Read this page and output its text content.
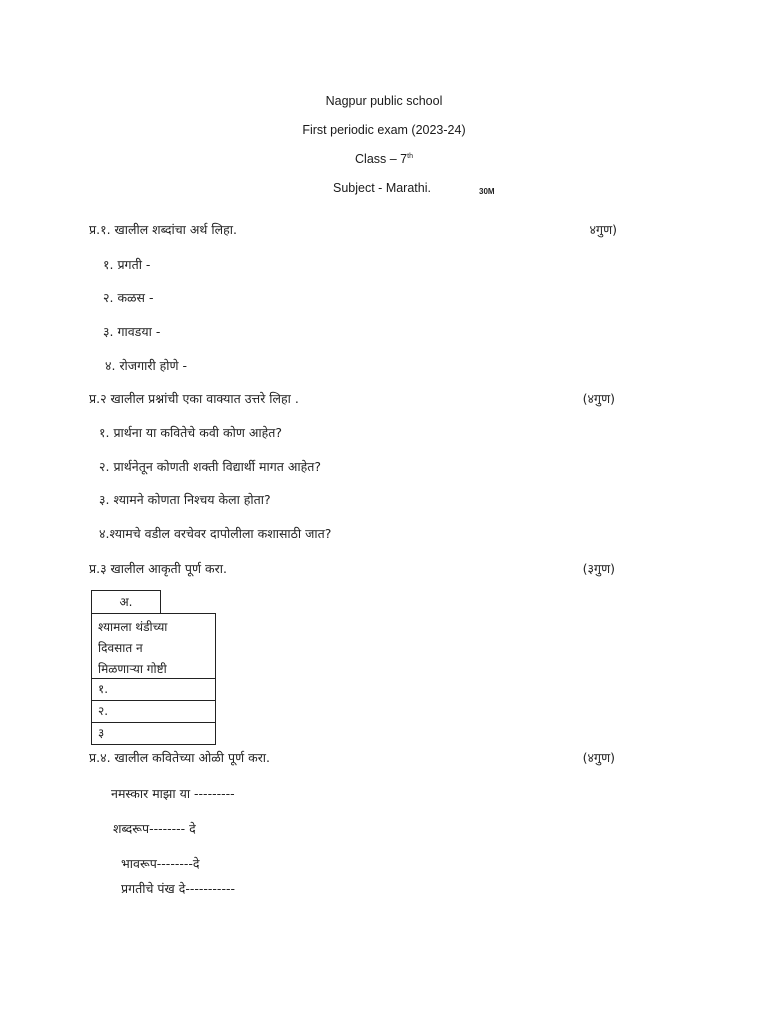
Nagpur public school
First periodic exam (2023-24)
Class – 7th
Subject - Marathi.	30M
प्र.१. खालील शब्दांचा अर्थ लिहा.	४गुण)
१. प्रगती -
२. कळस -
३. गावडया -
४. रोजगारी होणे -
प्र.२ खालील प्रश्नांची एका वाक्यात उत्तरे लिहा .	(४गुण)
१. प्रार्थना या कवितेचे कवी कोण आहेत?
२. प्रार्थनेतून कोणती शक्ती विद्यार्थी मागत आहेत?
३. श्यामने कोणता निश्चय केला होता?
४.श्यामचे वडील वरचेवर दापोलीला कशासाठी जात?
प्र.३ खालील आकृती पूर्ण करा.	(३गुण)
अ.
श्यामला थंडीच्या
दिवसात न
मिळणाऱ्या गोष्टी
१.
२.
३
प्र.४. खालील कवितेच्या ओळी पूर्ण करा.	(४गुण)
नमस्कार माझा या ---------
शब्दरूप-------- दे
भावरूप--------दे
प्रगतीचे पंख दे-----------
